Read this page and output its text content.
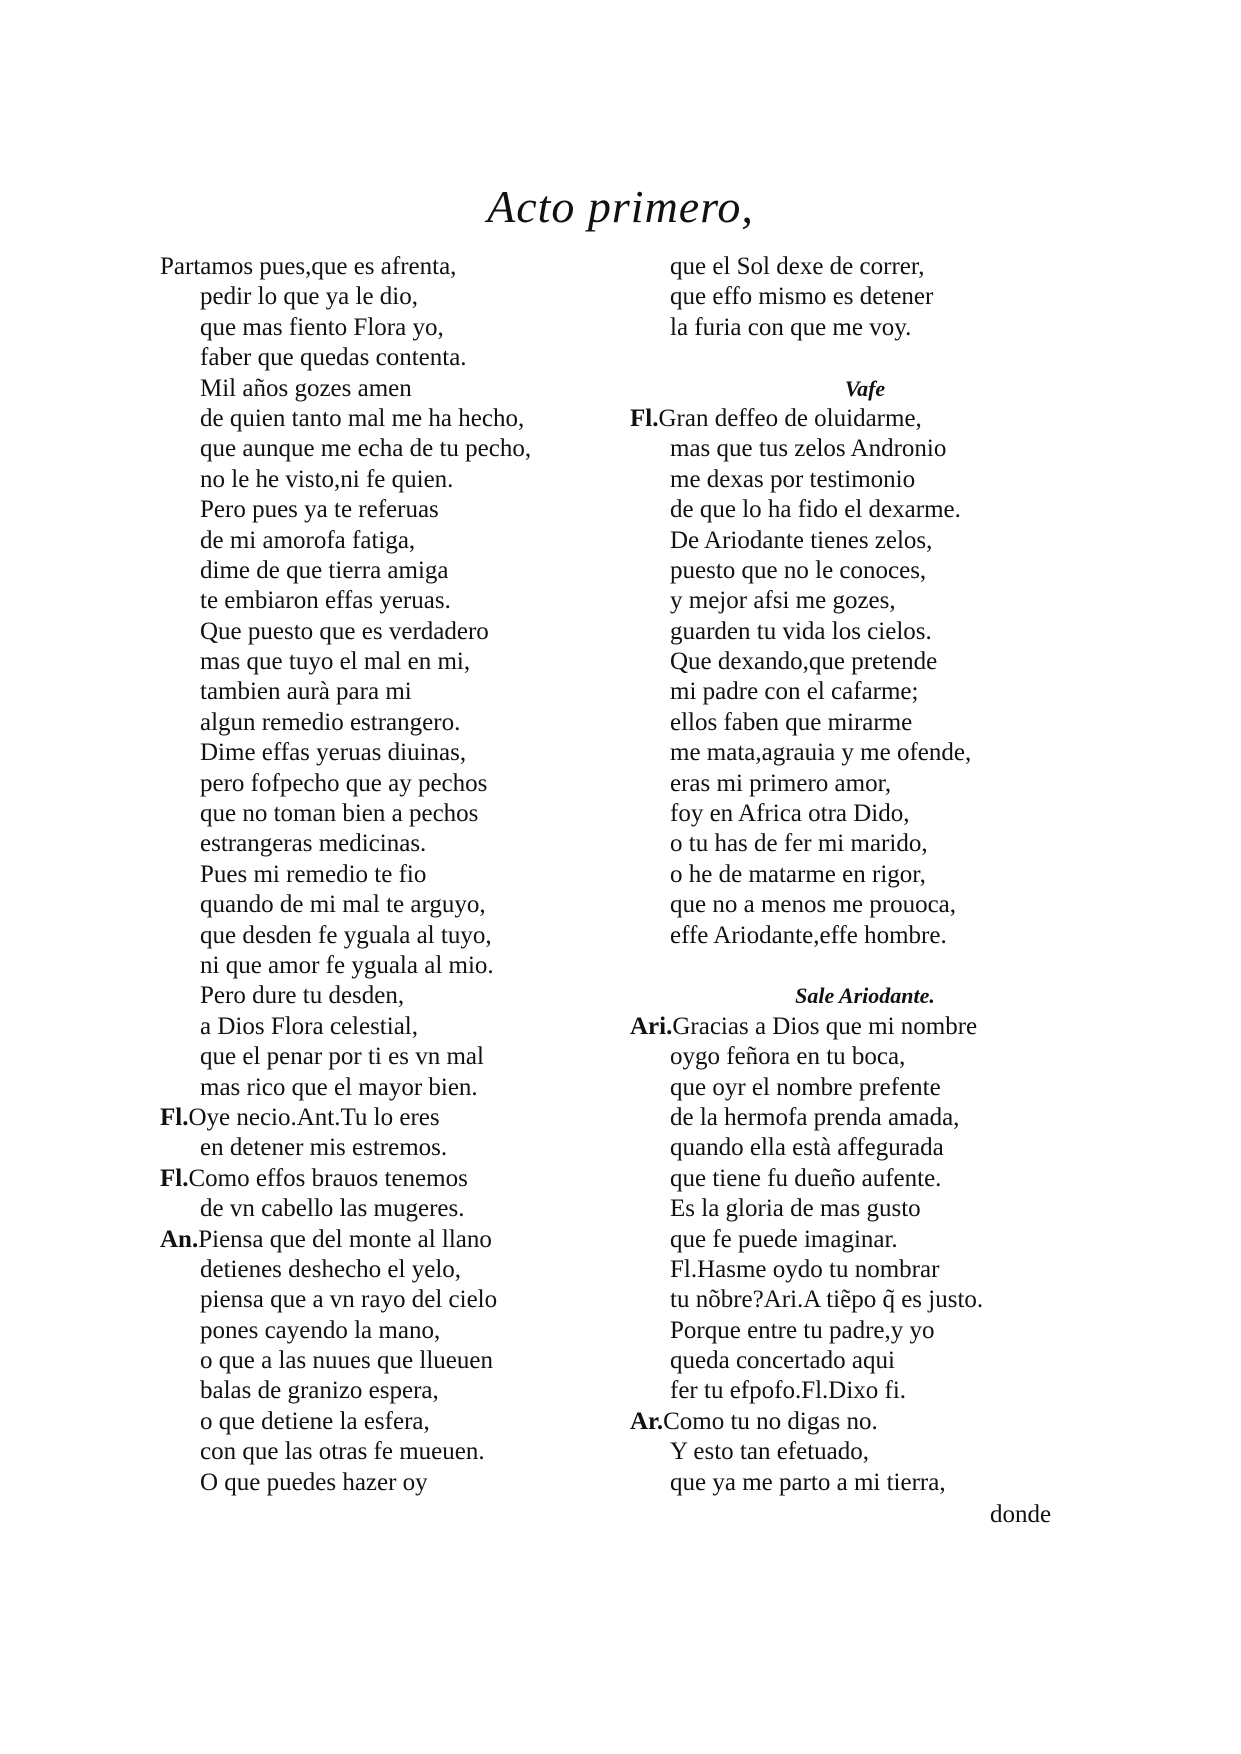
Acto primero,
Partamos pues,que es afrenta,
pedir lo que ya le dio,
que mas fiento Flora yo,
faber que quedas contenta.
Mil años gozes amen
de quien tanto mal me ha hecho,
que aunque me echa de tu pecho,
no le he visto,ni fe quien.
Pero pues ya te referuas
de mi amorofa fatiga,
dime de que tierra amiga
te embiaron effas yeruas.
Que puesto que es verdadero
mas que tuyo el mal en mi,
tambien aurà para mi
algun remedio estrangero.
Dime effas yeruas diuinas,
pero fofpecho que ay pechos
que no toman bien a pechos
estrangeras medicinas.
Pues mi remedio te fio
quando de mi mal te arguyo,
que desden fe yguala al tuyo,
ni que amor fe yguala al mio.
Pero dure tu desden,
a Dios Flora celestial,
que el penar por ti es vn mal
mas rico que el mayor bien.
Fl.Oye necio.Ant.Tu lo eres
en detener mis estremos.
Fl.Como effos brauos tenemos
de vn cabello las mugeres.
An.Piensa que del monte al llano
detienes deshecho el yelo,
piensa que a vn rayo del cielo
pones cayendo la mano,
o que a las nuues que llueuen
balas de granizo espera,
o que detiene la esfera,
con que las otras fe mueuen.
O que puedes hazer oy
que el Sol dexe de correr,
que effo mismo es detener
la furia con que me voy.
Vafe
Fl.Gran deffeo de oluidarme,
mas que tus zelos Andronio
me dexas por testimonio
de que lo ha fido el dexarme.
De Ariodante tienes zelos,
puesto que no le conoces,
y mejor afsi me gozes,
guarden tu vida los cielos.
Que dexando,que pretende
mi padre con el cafarme;
ellos faben que mirarme
me mata,agrauia y me ofende,
eras mi primero amor,
foy en Africa otra Dido,
o tu has de fer mi marido,
o he de matarme en rigor,
que no a menos me prouoca,
effe Ariodante,effe hombre.
Sale Ariodante.
Ari.Gracias a Dios que mi nombre
oygo feñora en tu boca,
que oyr el nombre prefente
de la hermofa prenda amada,
quando ella està affegurada
que tiene fu dueño aufente.
Es la gloria de mas gusto
que fe puede imaginar.
Fl.Hasme oydo tu nombrar
tu nõbre?Ari.A tiẽpo q̃ es justo.
Porque entre tu padre,y yo
queda concertado aqui
fer tu efpofo.Fl.Dixo fi.
Ar.Como tu no digas no.
Y esto tan efetuado,
que ya me parto a mi tierra,
donde
